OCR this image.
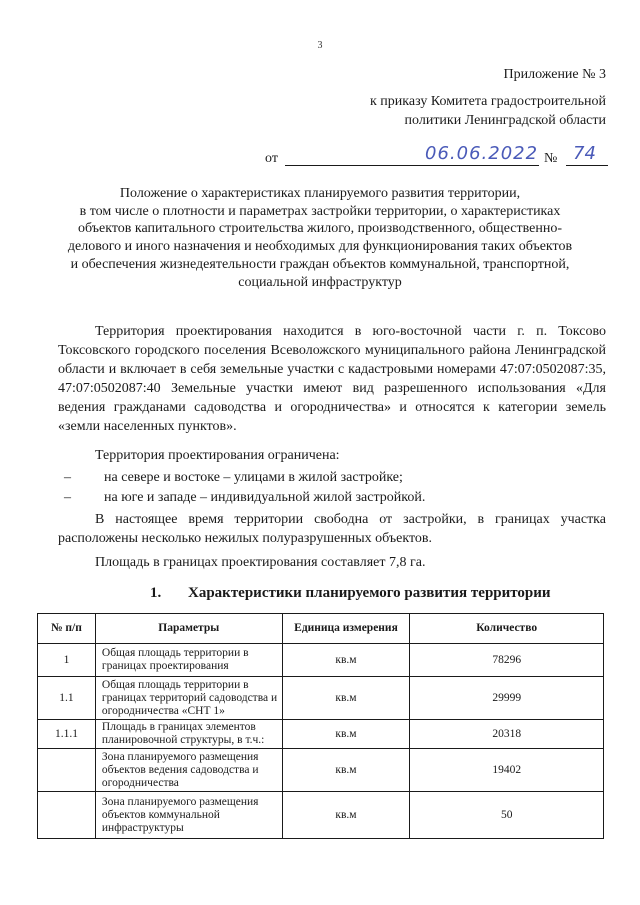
3
Приложение № 3
к приказу Комитета градостроительной
политики Ленинградской области
от	06.06.2022 № 74
Положение о характеристиках планируемого развития территории,
в том числе о плотности и параметрах застройки территории, о характеристиках
объектов капитального строительства жилого, производственного, общественно-
делового и иного назначения и необходимых для функционирования таких объектов
и обеспечения жизнедеятельности граждан объектов коммунальной, транспортной,
социальной инфраструктур

Территория проектирования находится в юго-восточной части г. п. Токсово Токсовского городского поселения Всеволожского муниципального района Ленинградской области и включает в себя земельные участки с кадастровыми номерами 47:07:0502087:35, 47:07:0502087:40 Земельные участки имеют вид разрешенного использования «Для ведения гражданами садоводства и огородничества» и относятся к категории земель «земли населенных пунктов».

Территория проектирования ограничена:

– на севере и востоке – улицами в жилой застройке;
– на юге и западе – индивидуальной жилой застройкой.

В настоящее время территории свободна от застройки, в границах участка расположены несколько нежилых полуразрушенных объектов.

Площадь в границах проектирования составляет 7,8 га.

1. Характеристики планируемого развития территории
№ п/п	Параметры	Единица измерения	Количество
1	Общая площадь территории в границах проектирования	кв.м	78296
1.1	Общая площадь территории в границах территорий садоводства и огородничества «СНТ 1»	кв.м	29999
1.1.1	Площадь в границах элементов планировочной структуры, в т.ч.:	кв.м	20318
	Зона планируемого размещения объектов ведения садоводства и огородничества	кв.м	19402
	Зона планируемого размещения объектов коммунальной инфраструктуры	кв.м	50
